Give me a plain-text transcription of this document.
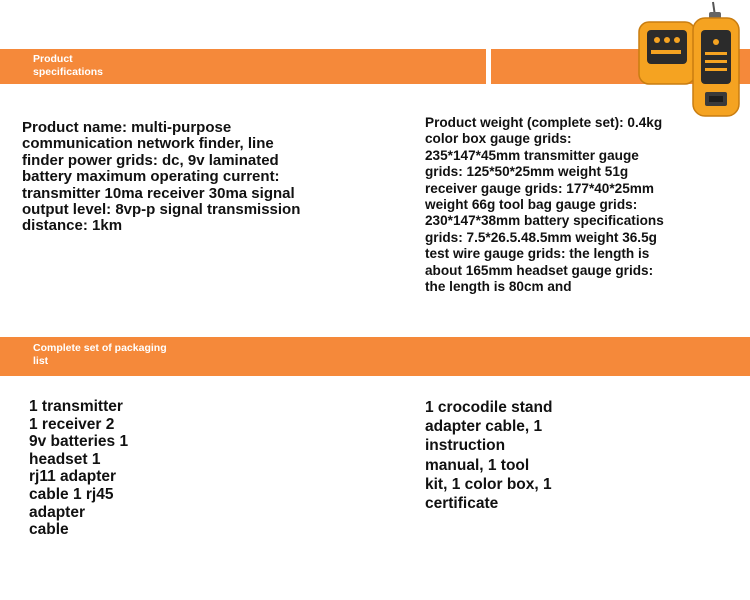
Product
specifications

Product name: multi-purpose
communication network finder, line
finder power grids: dc, 9v laminated
battery maximum operating current:
transmitter 10ma receiver 30ma signal
output level: 8vp-p signal transmission
distance: 1km

Product weight (complete set): 0.4kg
color box gauge grids:
235*147*45mm transmitter gauge
grids: 125*50*25mm weight 51g
receiver gauge grids: 177*40*25mm
weight 66g tool bag gauge grids:
230*147*38mm battery specifications
grids: 7.5*26.5.48.5mm weight 36.5g
test wire gauge grids: the length is
about 165mm headset gauge grids:
the length is 80cm and

Complete set of packaging
list

1 transmitter
1 receiver 2
9v batteries 1
headset 1
rj11 adapter
cable 1 rj45
adapter
cable

1 crocodile stand
adapter cable, 1
instruction
manual, 1 tool
kit, 1 color box, 1
certificate
